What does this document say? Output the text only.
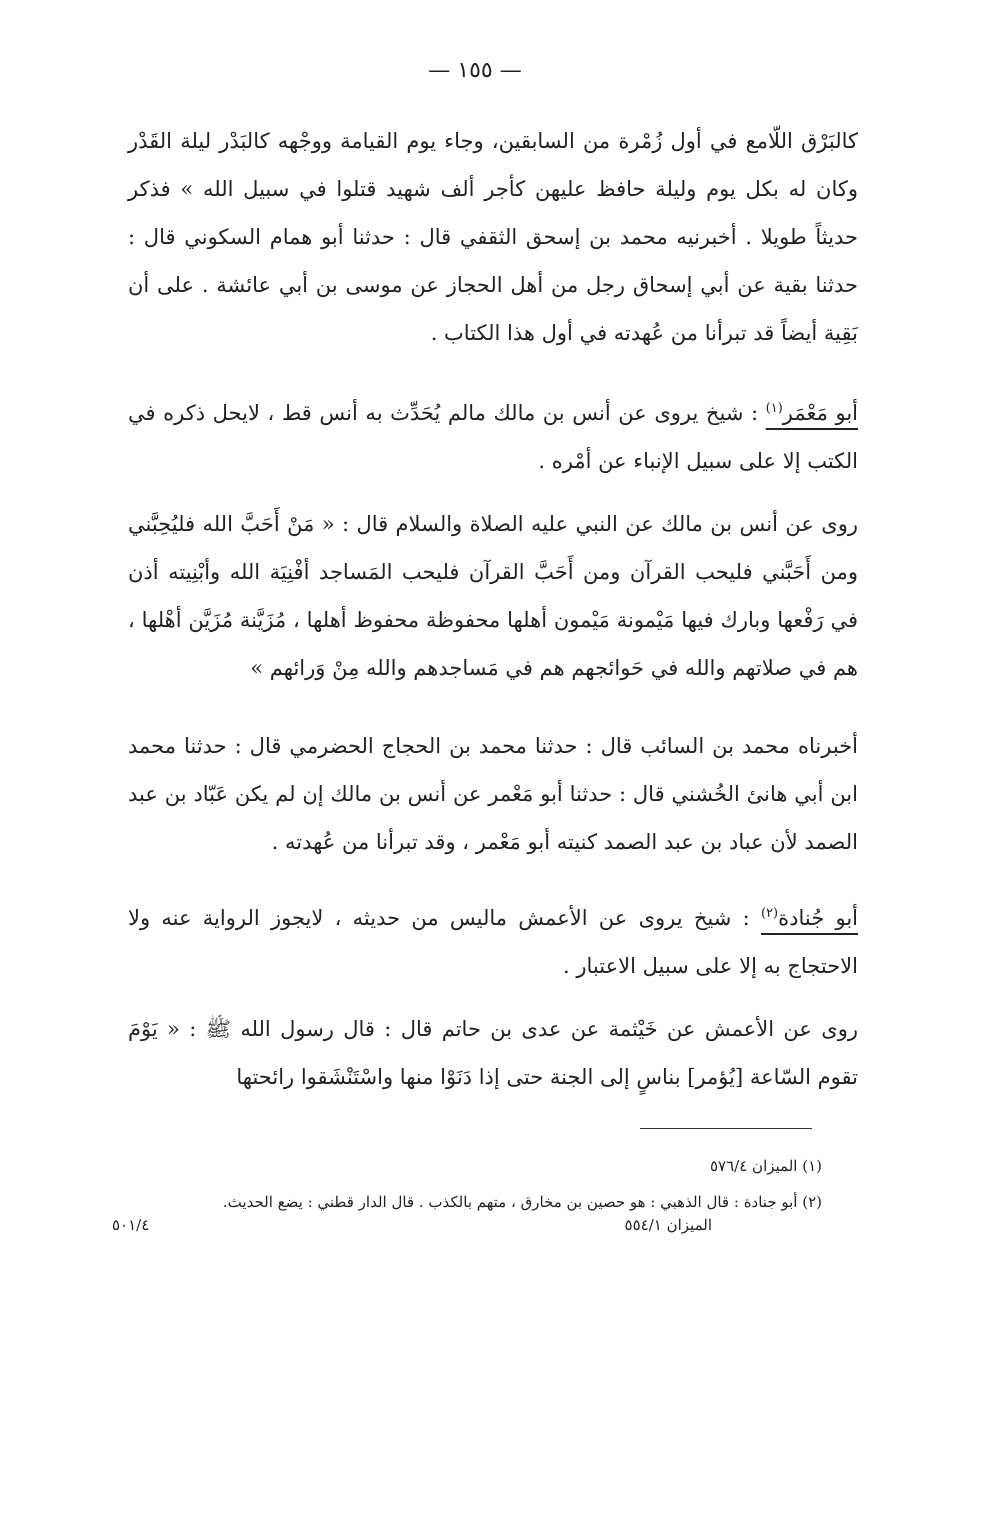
— ١٥٥ —

كالبَرْق اللّامع في أول زُمْرة من السابقين، وجاء يوم القيامة ووجْهه كالبَدْر ليلة القَدْر وكان له بكل يوم وليلة حافظ عليهن كأجر ألف شهيد قتلوا في سبيل الله » فذكر حديثاً طويلا . أخبرنيه محمد بن إسحق الثقفي قال : حدثنا أبو همام السكوني قال : حدثنا بقية عن أبي إسحاق رجل من أهل الحجاز عن موسى بن أبي عائشة . على أن بَقِية أيضاً قد تبرأنا من عُهدته في أول هذا الكتاب .

أبو مَعْمَر$^{(١)}$ : شيخ يروى عن أنس بن مالك مالم يُحَدِّث به أنس قط ، لايحل ذكره في الكتب إلا على سبيل الإنباء عن أمْره .

روى عن أنس بن مالك عن النبي عليه الصلاة والسلام قال : « مَنْ أَحَبَّ الله فليُحِبَّني ومن أَحَبَّني فليحب القرآن ومن أَحَبَّ القرآن فليحب المَساجد أفْنِيَة الله وأبْنِيته أذن في رَفْعها وبارك فيها مَيْمونة مَيْمون أهلها محفوظة محفوظ أهلها ، مُزَيَّنة مُزَيَّن أهْلها ، هم في صلاتهم والله في حَوائجهم هم في مَساجدهم والله مِنْ وَرائهم »

أخبرناه محمد بن السائب قال : حدثنا محمد بن الحجاج الحضرمي قال : حدثنا محمد ابن أبي هانئ الخُشني قال : حدثنا أبو مَعْمر عن أنس بن مالك إن لم يكن عَبّاد بن عبد الصمد لأن عباد بن عبد الصمد كنيته أبو مَعْمر ، وقد تبرأنا من عُهدته .

أبو جُنادة$^{(٢)}$ : شيخ يروى عن الأعمش ماليس من حديثه ، لايجوز الرواية عنه ولا الاحتجاج به إلا على سبيل الاعتبار .

روى عن الأعمش عن خَيْثمة عن عدى بن حاتم قال : قال رسول الله ﷺ : « يَوْمَ تقوم السّاعة [يُؤمر] بناسٍ إلى الجنة حتى إذا دَنَوْا منها واسْتَنْشَقوا رائحتها

(١) الميزان ٥٧٦/٤

(٢) أبو جنادة : قال الذهبي : هو حصين بن مخارق ، متهم بالكذب . قال الدار قطني : يضع الحديث.

الميزان ٥٥٤/١
٥٠١/٤
